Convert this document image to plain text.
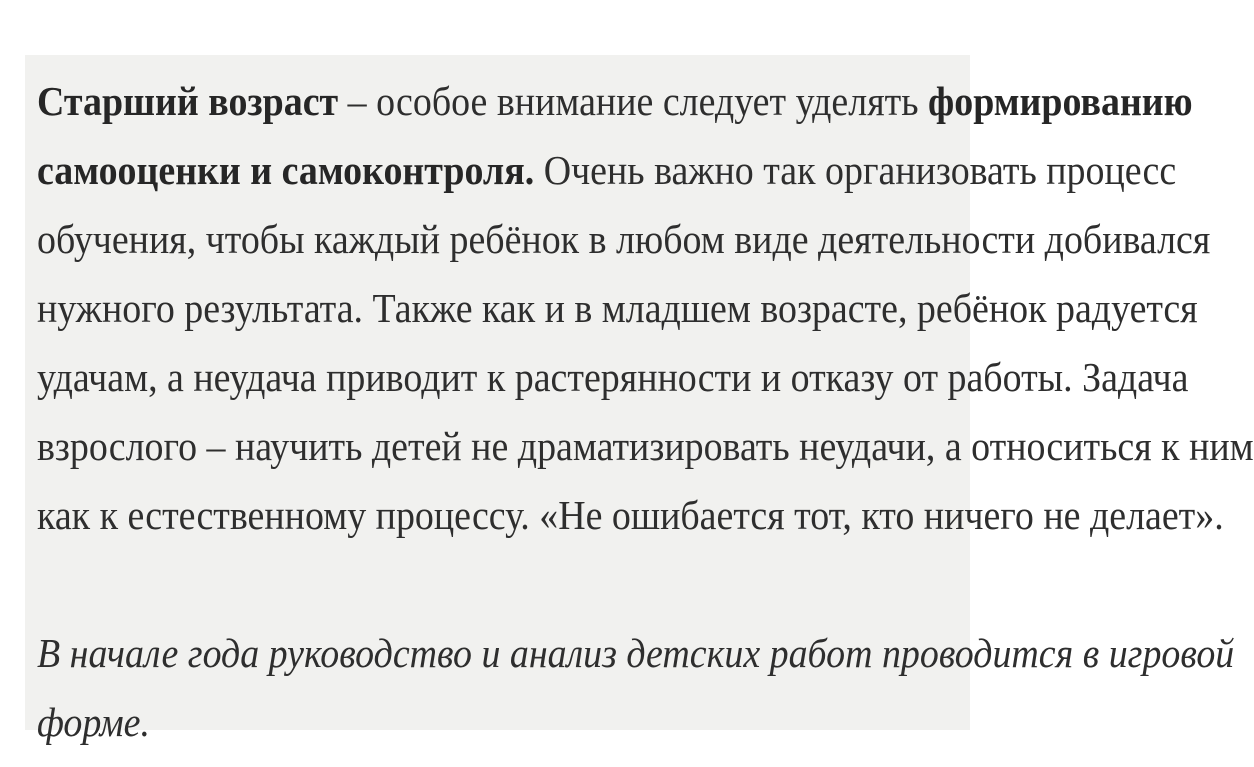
Старший возраст – особое внимание следует уделять формированию
самооценки и самоконтроля. Очень важно так организовать процесс
обучения, чтобы каждый ребёнок в любом виде деятельности добивался
нужного результата. Также как и в младшем возрасте, ребёнок радуется
удачам, а неудача приводит к растерянности и отказу от работы. Задача
взрослого – научить детей не драматизировать неудачи, а относиться к ним
как к естественному процессу. «Не ошибается тот, кто ничего не делает».
В начале года руководство и анализ детских работ проводится в игровой
форме.
